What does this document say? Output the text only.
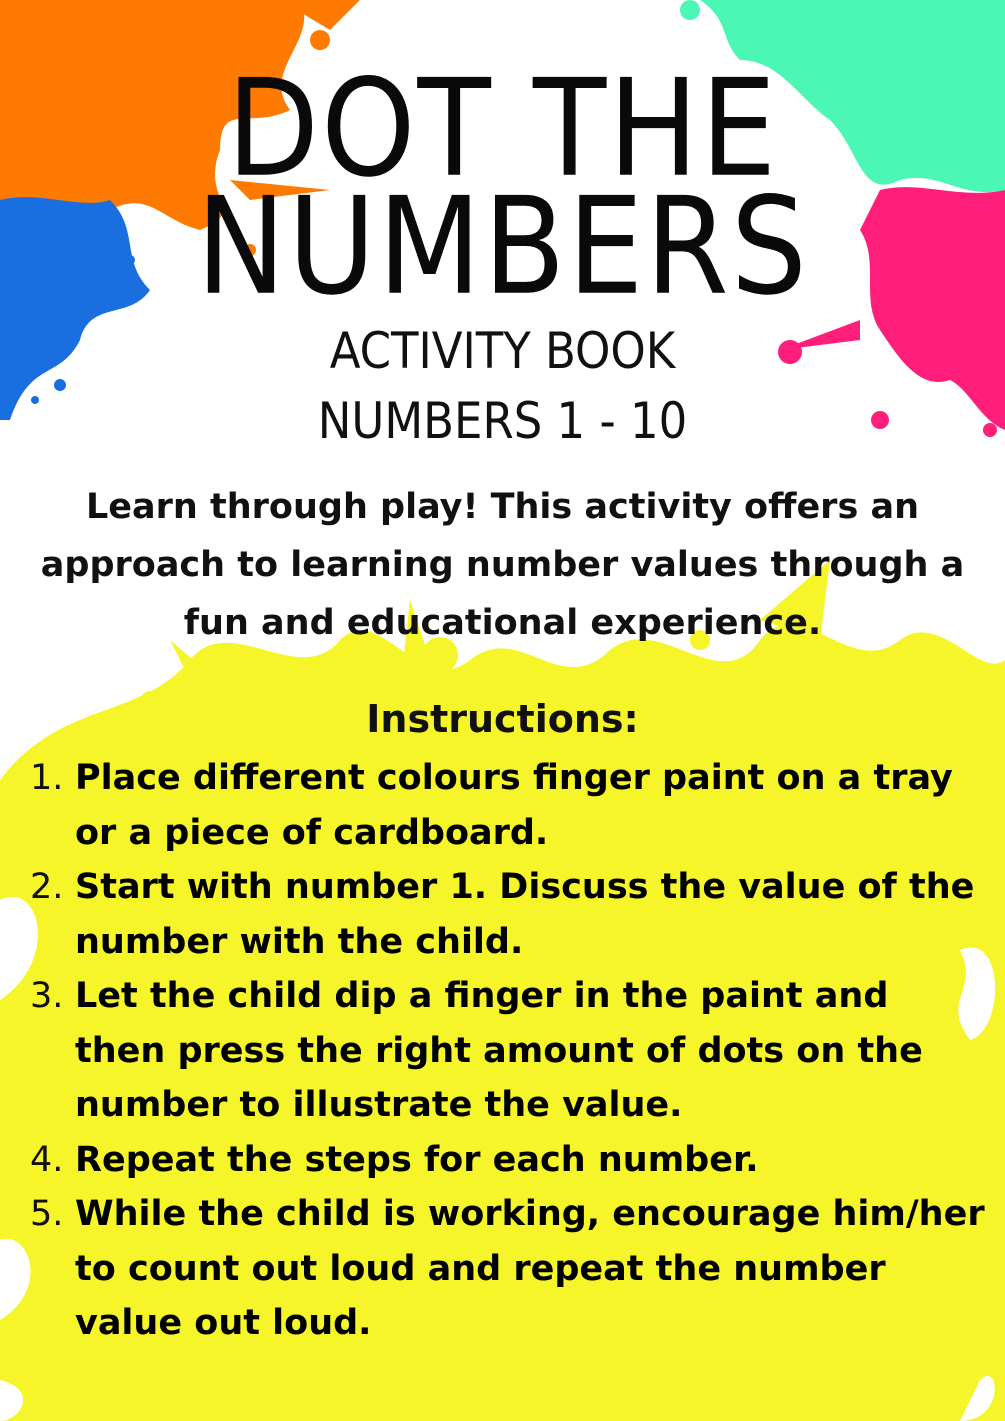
DOT THE
NUMBERS
ACTIVITY BOOK
NUMBERS 1 - 10
Learn through play! This activity offers an approach to learning number values through a fun and educational experience.
Instructions:
1. Place different colours finger paint on a tray or a piece of cardboard.
2. Start with number 1. Discuss the value of the number with the child.
3. Let the child dip a finger in the paint and then press the right amount of dots on the number to illustrate the value.
4. Repeat the steps for each number.
5. While the child is working, encourage him/her to count out loud and repeat the number value out loud.
